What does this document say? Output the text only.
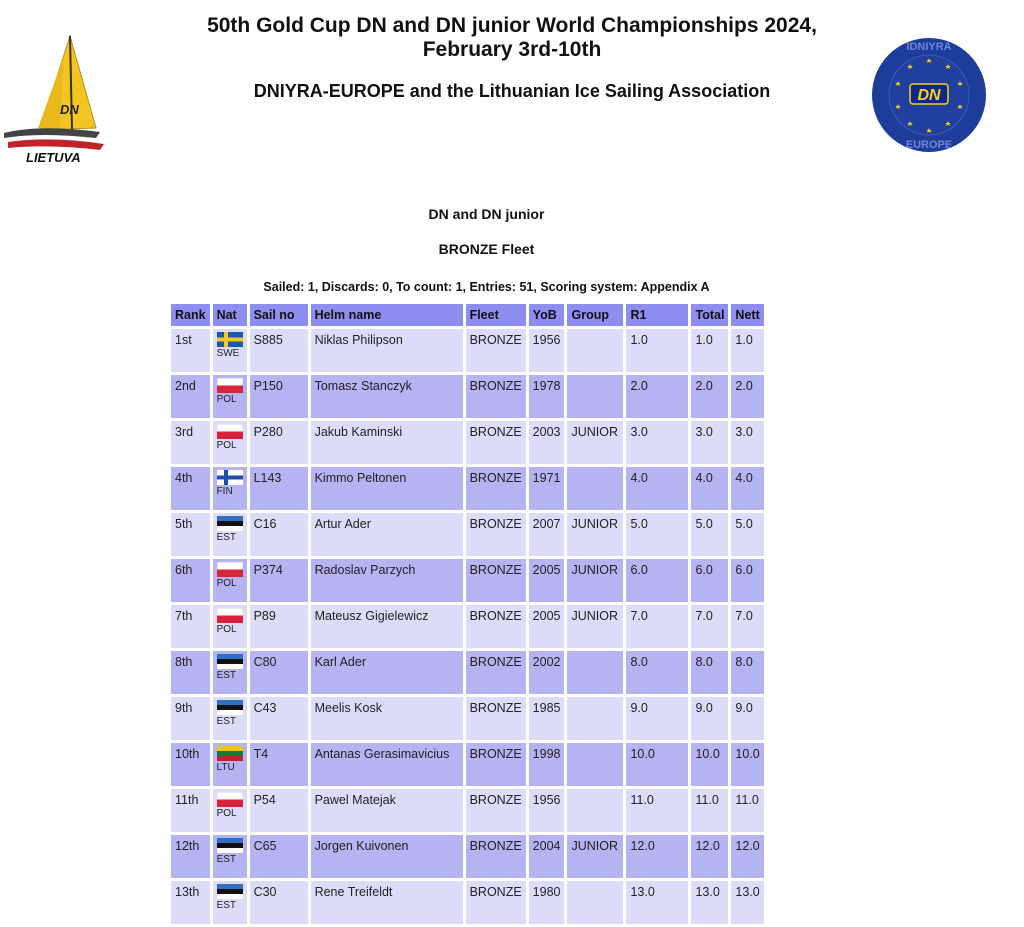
DN
LIETUVA
DN
IDNIYRA
EUROPE
50th Gold Cup DN and DN junior World Championships 2024,
February 3rd-10th
DNIYRA-EUROPE and the Lithuanian Ice Sailing Association
DN and DN junior
BRONZE Fleet
Sailed: 1, Discards: 0, To count: 1, Entries: 51, Scoring system: Appendix A
Rank	Nat	Sail no	Helm name	Fleet	YoB	Group	R1	Total	Nett
1st	SWE	S885	Niklas Philipson	BRONZE	1956		1.0	1.0	1.0
2nd	POL	P150	Tomasz Stanczyk	BRONZE	1978		2.0	2.0	2.0
3rd	POL	P280	Jakub Kaminski	BRONZE	2003	JUNIOR	3.0	3.0	3.0
4th	FIN	L143	Kimmo Peltonen	BRONZE	1971		4.0	4.0	4.0
5th	EST	C16	Artur Ader	BRONZE	2007	JUNIOR	5.0	5.0	5.0
6th	POL	P374	Radoslav Parzych	BRONZE	2005	JUNIOR	6.0	6.0	6.0
7th	POL	P89	Mateusz Gigielewicz	BRONZE	2005	JUNIOR	7.0	7.0	7.0
8th	EST	C80	Karl Ader	BRONZE	2002		8.0	8.0	8.0
9th	EST	C43	Meelis Kosk	BRONZE	1985		9.0	9.0	9.0
10th	LTU	T4	Antanas Gerasimavicius	BRONZE	1998		10.0	10.0	10.0
11th	POL	P54	Pawel Matejak	BRONZE	1956		11.0	11.0	11.0
12th	EST	C65	Jorgen Kuivonen	BRONZE	2004	JUNIOR	12.0	12.0	12.0
13th	EST	C30	Rene Treifeldt	BRONZE	1980		13.0	13.0	13.0
